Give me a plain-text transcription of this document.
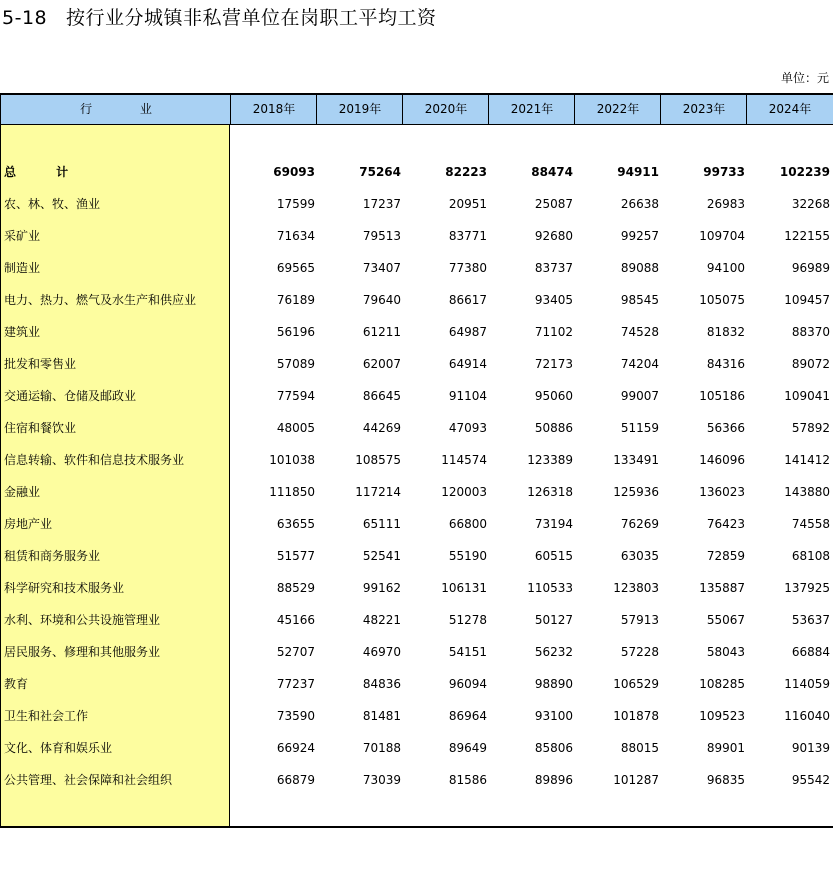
5-18 按行业分城镇非私营单位在岗职工平均工资
单位：元
行 业	2018年	2019年	2020年	2021年	2022年	2023年	2024年
总 计	69093	75264	82223	88474	94911	99733	102239
农、林、牧、渔业	17599	17237	20951	25087	26638	26983	32268
采矿业	71634	79513	83771	92680	99257	109704	122155
制造业	69565	73407	77380	83737	89088	94100	96989
电力、热力、燃气及水生产和供应业	76189	79640	86617	93405	98545	105075	109457
建筑业	56196	61211	64987	71102	74528	81832	88370
批发和零售业	57089	62007	64914	72173	74204	84316	89072
交通运输、仓储及邮政业	77594	86645	91104	95060	99007	105186	109041
住宿和餐饮业	48005	44269	47093	50886	51159	56366	57892
信息转输、软件和信息技术服务业	101038	108575	114574	123389	133491	146096	141412
金融业	111850	117214	120003	126318	125936	136023	143880
房地产业	63655	65111	66800	73194	76269	76423	74558
租赁和商务服务业	51577	52541	55190	60515	63035	72859	68108
科学研究和技术服务业	88529	99162	106131	110533	123803	135887	137925
水利、环境和公共设施管理业	45166	48221	51278	50127	57913	55067	53637
居民服务、修理和其他服务业	52707	46970	54151	56232	57228	58043	66884
教育	77237	84836	96094	98890	106529	108285	114059
卫生和社会工作	73590	81481	86964	93100	101878	109523	116040
文化、体育和娱乐业	66924	70188	89649	85806	88015	89901	90139
公共管理、社会保障和社会组织	66879	73039	81586	89896	101287	96835	95542
